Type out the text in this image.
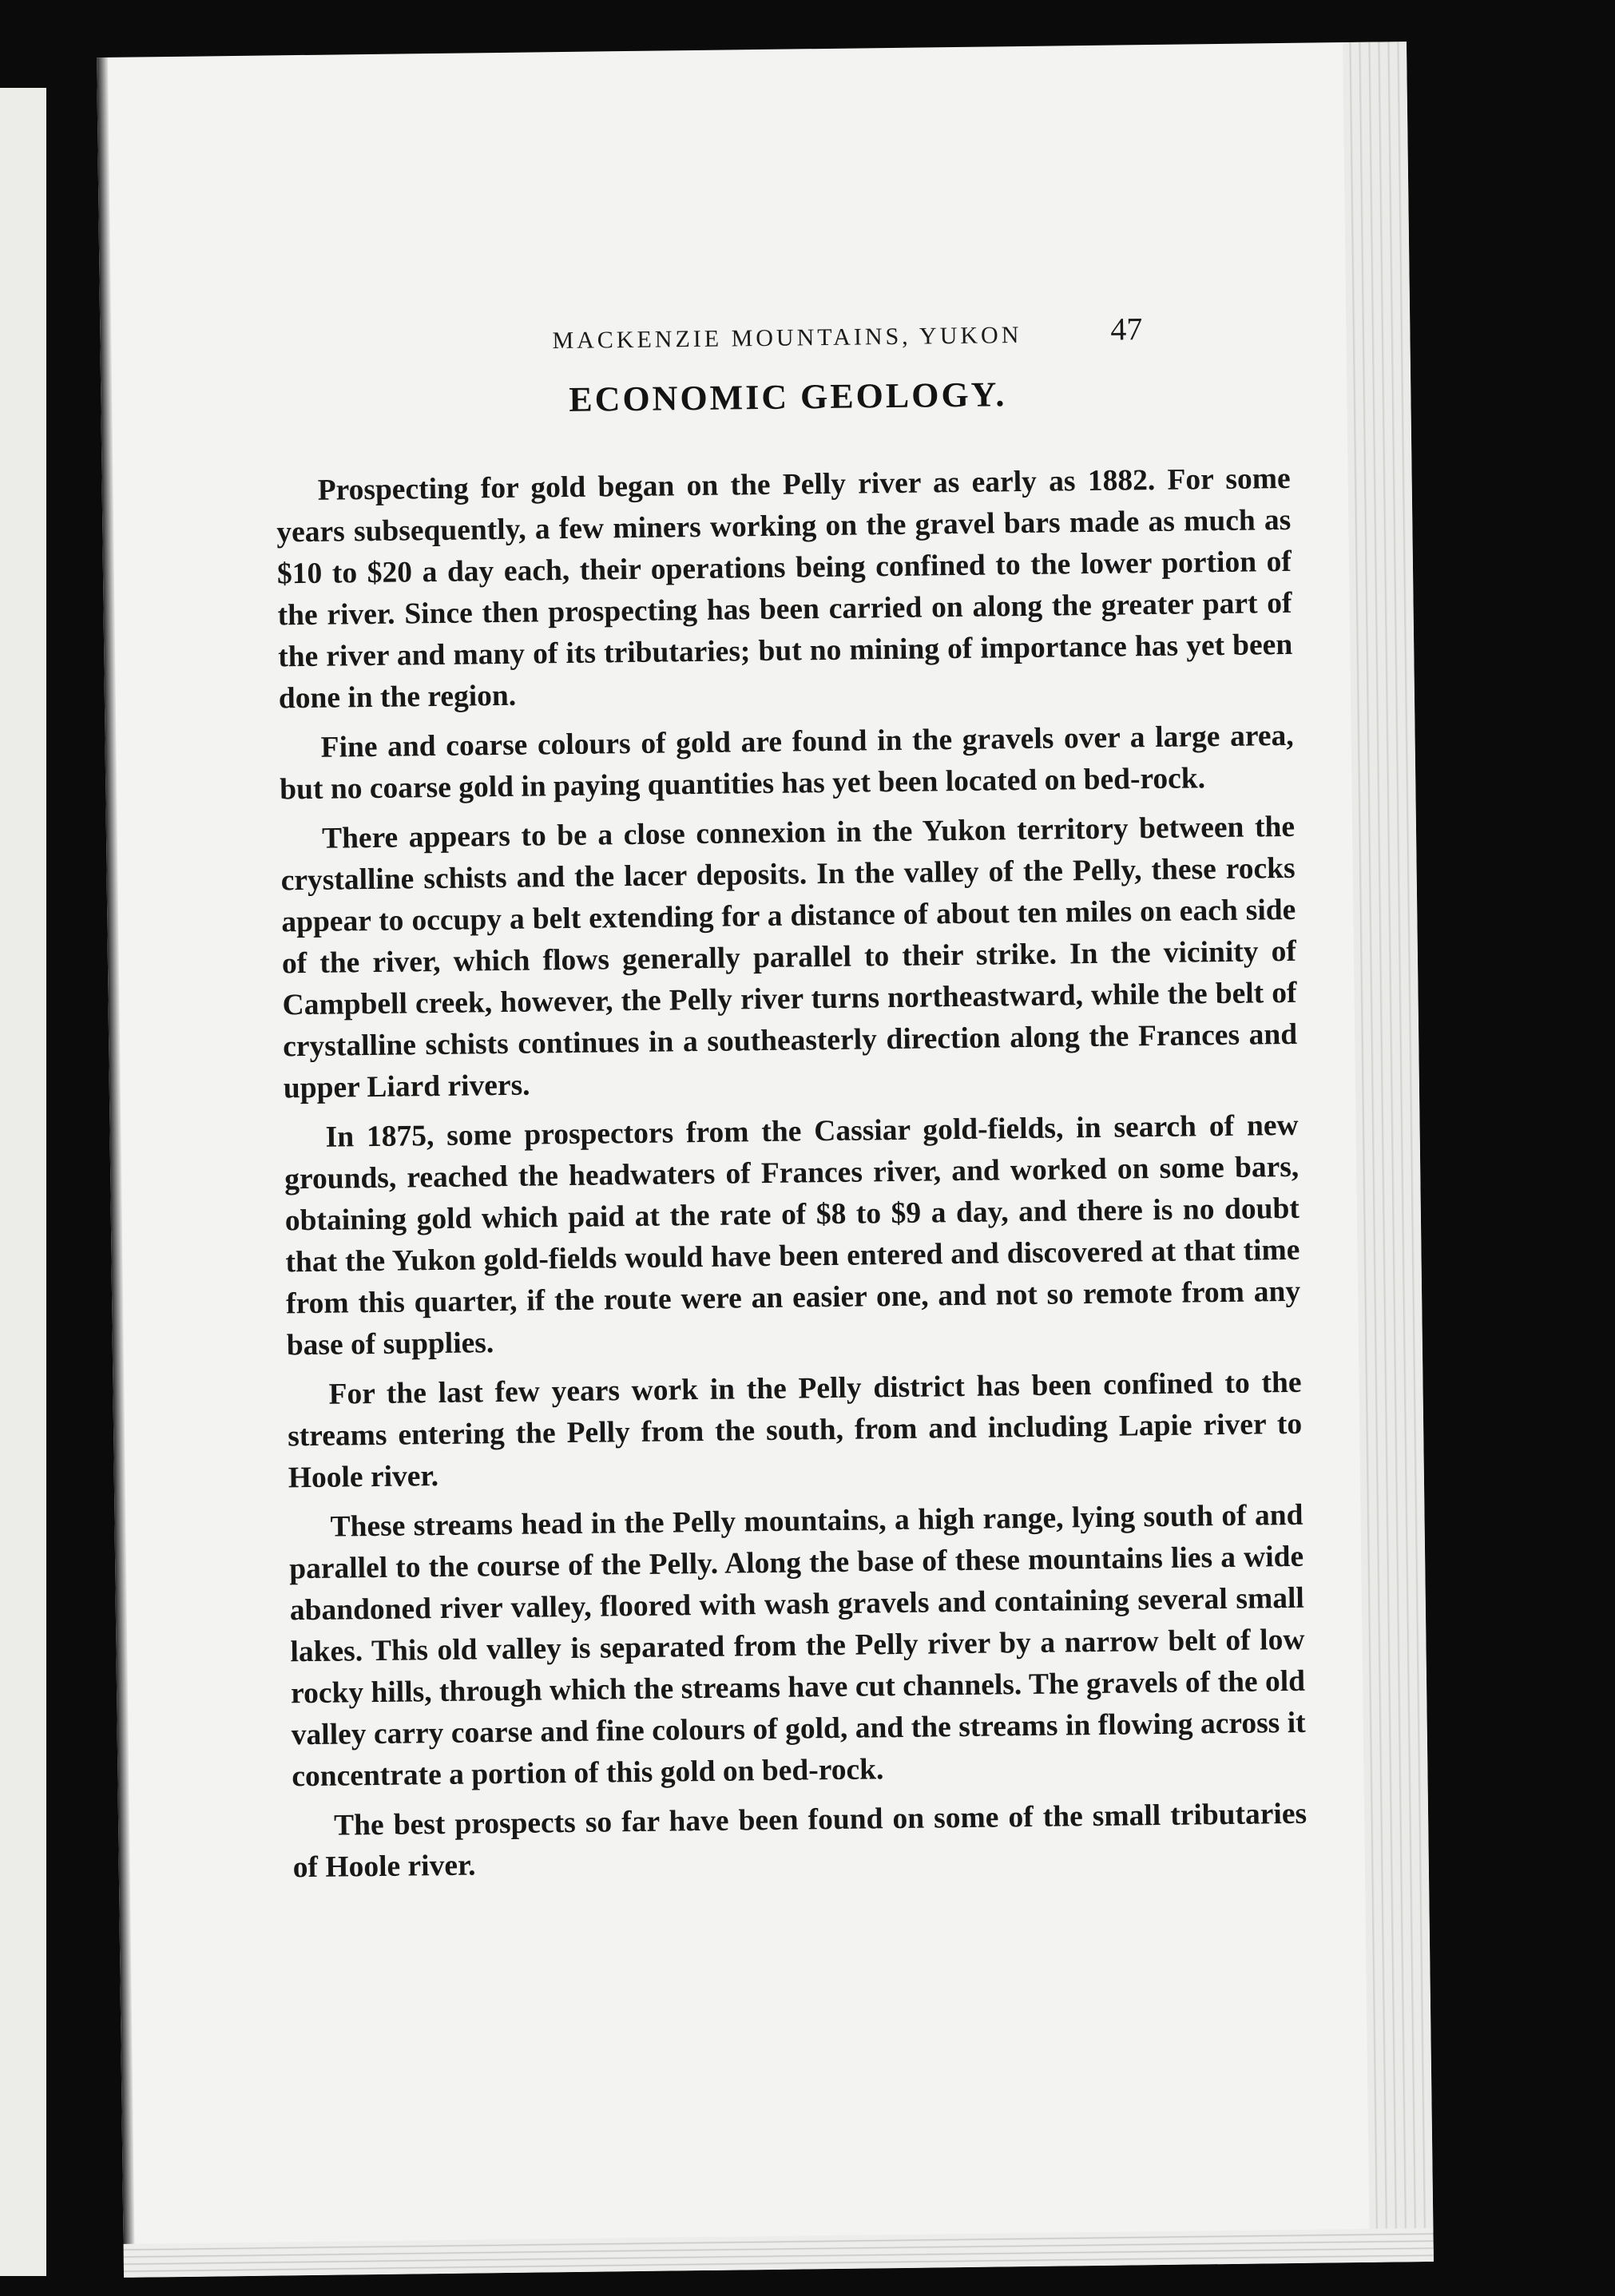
MACKENZIE MOUNTAINS, YUKON	47
ECONOMIC GEOLOGY.

Prospecting for gold began on the Pelly river as early as 1882. For some years subsequently, a few miners working on the gravel bars made as much as $10 to $20 a day each, their operations being confined to the lower portion of the river. Since then prospecting has been carried on along the greater part of the river and many of its tributaries; but no mining of importance has yet been done in the region.

Fine and coarse colours of gold are found in the gravels over a large area, but no coarse gold in paying quantities has yet been located on bed-rock.

There appears to be a close connexion in the Yukon territory between the crystalline schists and the lacer deposits. In the valley of the Pelly, these rocks appear to occupy a belt extending for a distance of about ten miles on each side of the river, which flows generally parallel to their strike. In the vicinity of Campbell creek, however, the Pelly river turns northeastward, while the belt of crystalline schists continues in a southeasterly direction along the Frances and upper Liard rivers.

In 1875, some prospectors from the Cassiar gold-fields, in search of new grounds, reached the headwaters of Frances river, and worked on some bars, obtaining gold which paid at the rate of $8 to $9 a day, and there is no doubt that the Yukon gold-fields would have been entered and discovered at that time from this quarter, if the route were an easier one, and not so remote from any base of supplies.

For the last few years work in the Pelly district has been confined to the streams entering the Pelly from the south, from and including Lapie river to Hoole river.

These streams head in the Pelly mountains, a high range, lying south of and parallel to the course of the Pelly. Along the base of these mountains lies a wide abandoned river valley, floored with wash gravels and containing several small lakes. This old valley is separated from the Pelly river by a narrow belt of low rocky hills, through which the streams have cut channels. The gravels of the old valley carry coarse and fine colours of gold, and the streams in flowing across it concentrate a portion of this gold on bed-rock.

The best prospects so far have been found on some of the small tributaries of Hoole river.
